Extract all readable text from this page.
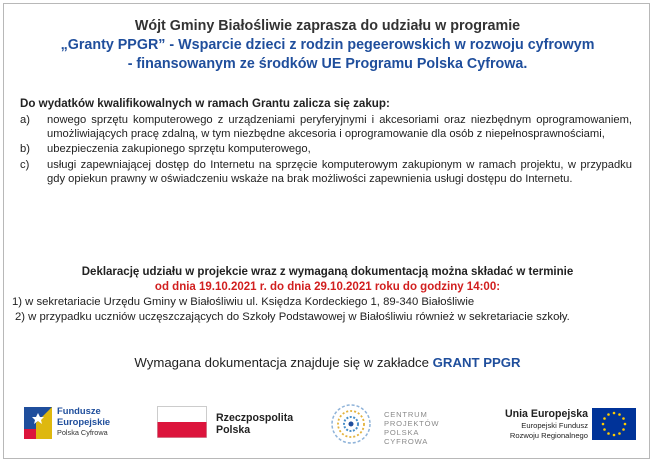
Wójt Gminy Białośliwie zaprasza do udziału w programie
„Granty PPGR” - Wsparcie dzieci z rodzin pegeerowskich w rozwoju cyfrowym
- finansowanym ze środków UE Programu Polska Cyfrowa.
Do wydatków kwalifikowalnych w ramach Grantu zalicza się zakup:
a) nowego sprzętu komputerowego z urządzeniami peryferyjnymi i akcesoriami oraz niezbędnym oprogramowaniem, umożliwiających pracę zdalną, w tym niezbędne akcesoria i oprogramowanie dla osób z niepełnosprawnościami,
b) ubezpieczenia zakupionego sprzętu komputerowego,
c) usługi zapewniającej dostęp do Internetu na sprzęcie komputerowym zakupionym w ramach projektu, w przypadku gdy opiekun prawny w oświadczeniu wskaże na brak możliwości zapewnienia usługi dostępu do Internetu.
Deklarację udziału w projekcie wraz z wymaganą dokumentacją można składać w terminie
od dnia 19.10.2021 r. do dnia 29.10.2021 roku do godziny 14:00:
1) w sekretariacie Urzędu Gminy w Białośliwiu ul. Księdza Kordeckiego 1, 89-340 Białośliwie
2) w przypadku uczniów uczęszczających do Szkoły Podstawowej w Białośliwiu również w sekretariacie szkoły.
Wymagana dokumentacja znajduje się w zakładce GRANT PPGR
Fundusze
Europejskie
Polska Cyfrowa
Rzeczpospolita
Polska
CENTRUM
PROJEKTÓW
POLSKA
CYFROWA
Unia Europejska
Europejski Fundusz
Rozwoju Regionalnego
